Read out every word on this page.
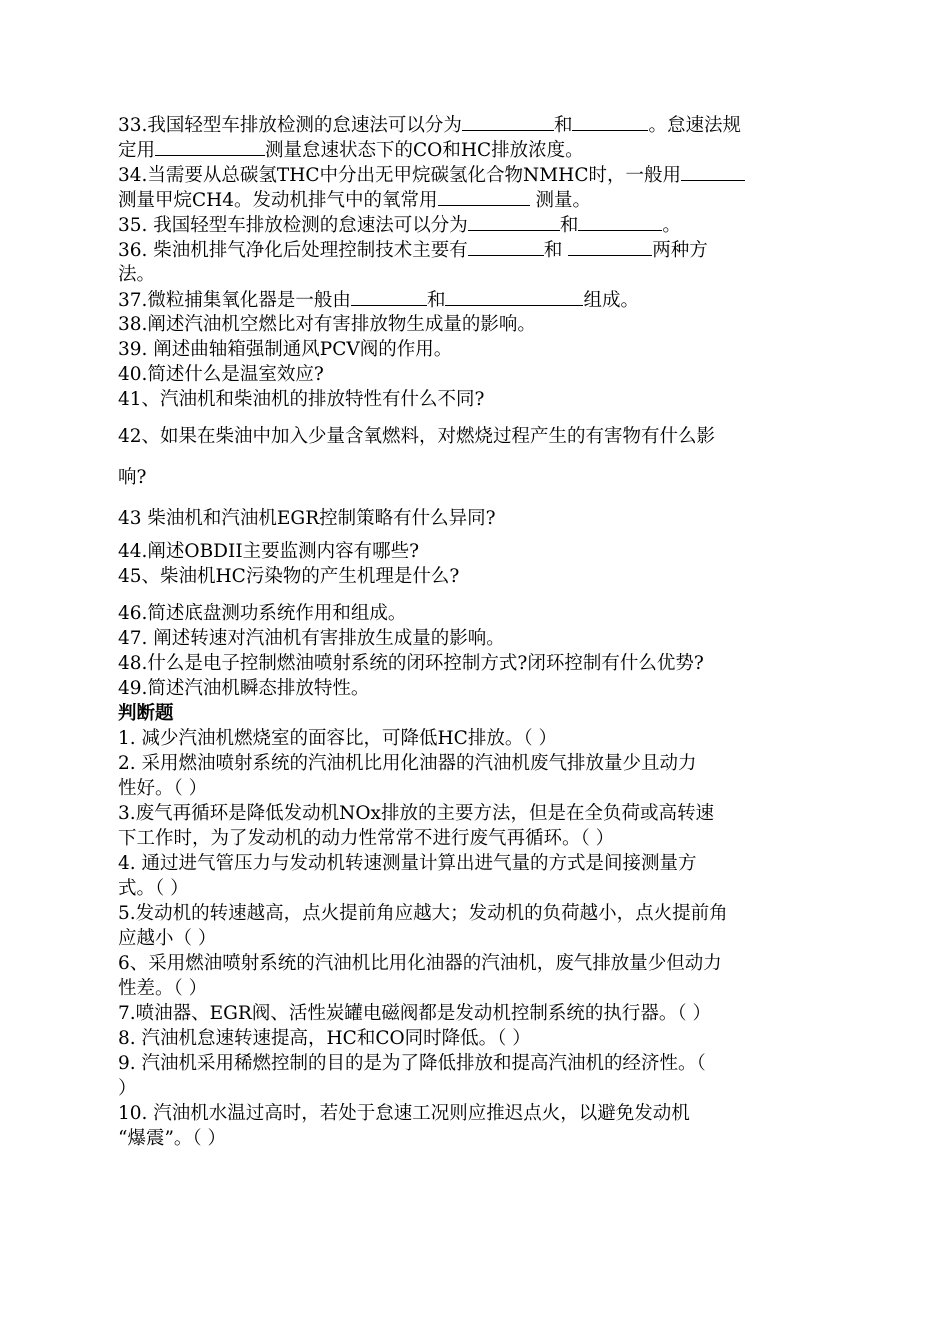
33.我国轻型车排放检测的怠速法可以分为	和	。怠速法规
定用	测量怠速状态下的CO和HC排放浓度。
34.当需要从总碳氢THC中分出无甲烷碳氢化合物NMHC时，一般用
测量甲烷CH4。发动机排气中的氧常用	测量。
35. 我国轻型车排放检测的怠速法可以分为	和	。
36. 柴油机排气净化后处理控制技术主要有	和	两种方
法。
37.微粒捕集氧化器是一般由	和	组成。
38.阐述汽油机空燃比对有害排放物生成量的影响。
39. 阐述曲轴箱强制通风PCV阀的作用。
40.简述什么是温室效应?
41、汽油机和柴油机的排放特性有什么不同?
42、如果在柴油中加入少量含氧燃料，对燃烧过程产生的有害物有什么影
响?
43 柴油机和汽油机EGR控制策略有什么异同?
44.阐述OBDII主要监测内容有哪些?
45、柴油机HC污染物的产生机理是什么?
46.简述底盘测功系统作用和组成。
47. 阐述转速对汽油机有害排放生成量的影响。
48.什么是电子控制燃油喷射系统的闭环控制方式?闭环控制有什么优势?
49.简述汽油机瞬态排放特性。
判断题
1. 减少汽油机燃烧室的面容比，可降低HC排放。（ ）
2. 采用燃油喷射系统的汽油机比用化油器的汽油机废气排放量少且动力
性好。（ ）
3.废气再循环是降低发动机NOx排放的主要方法，但是在全负荷或高转速
下工作时，为了发动机的动力性常常不进行废气再循环。（ ）
4. 通过进气管压力与发动机转速测量计算出进气量的方式是间接测量方
式。（ ）
5.发动机的转速越高，点火提前角应越大；发动机的负荷越小，点火提前角
应越小（ ）
6、采用燃油喷射系统的汽油机比用化油器的汽油机，废气排放量少但动力
性差。（ ）
7.喷油器、EGR阀、活性炭罐电磁阀都是发动机控制系统的执行器。（ ）
8. 汽油机怠速转速提高，HC和CO同时降低。（ ）
9. 汽油机采用稀燃控制的目的是为了降低排放和提高汽油机的经济性。（
）
10. 汽油机水温过高时，若处于怠速工况则应推迟点火，以避免发动机
“爆震”。（ ）
